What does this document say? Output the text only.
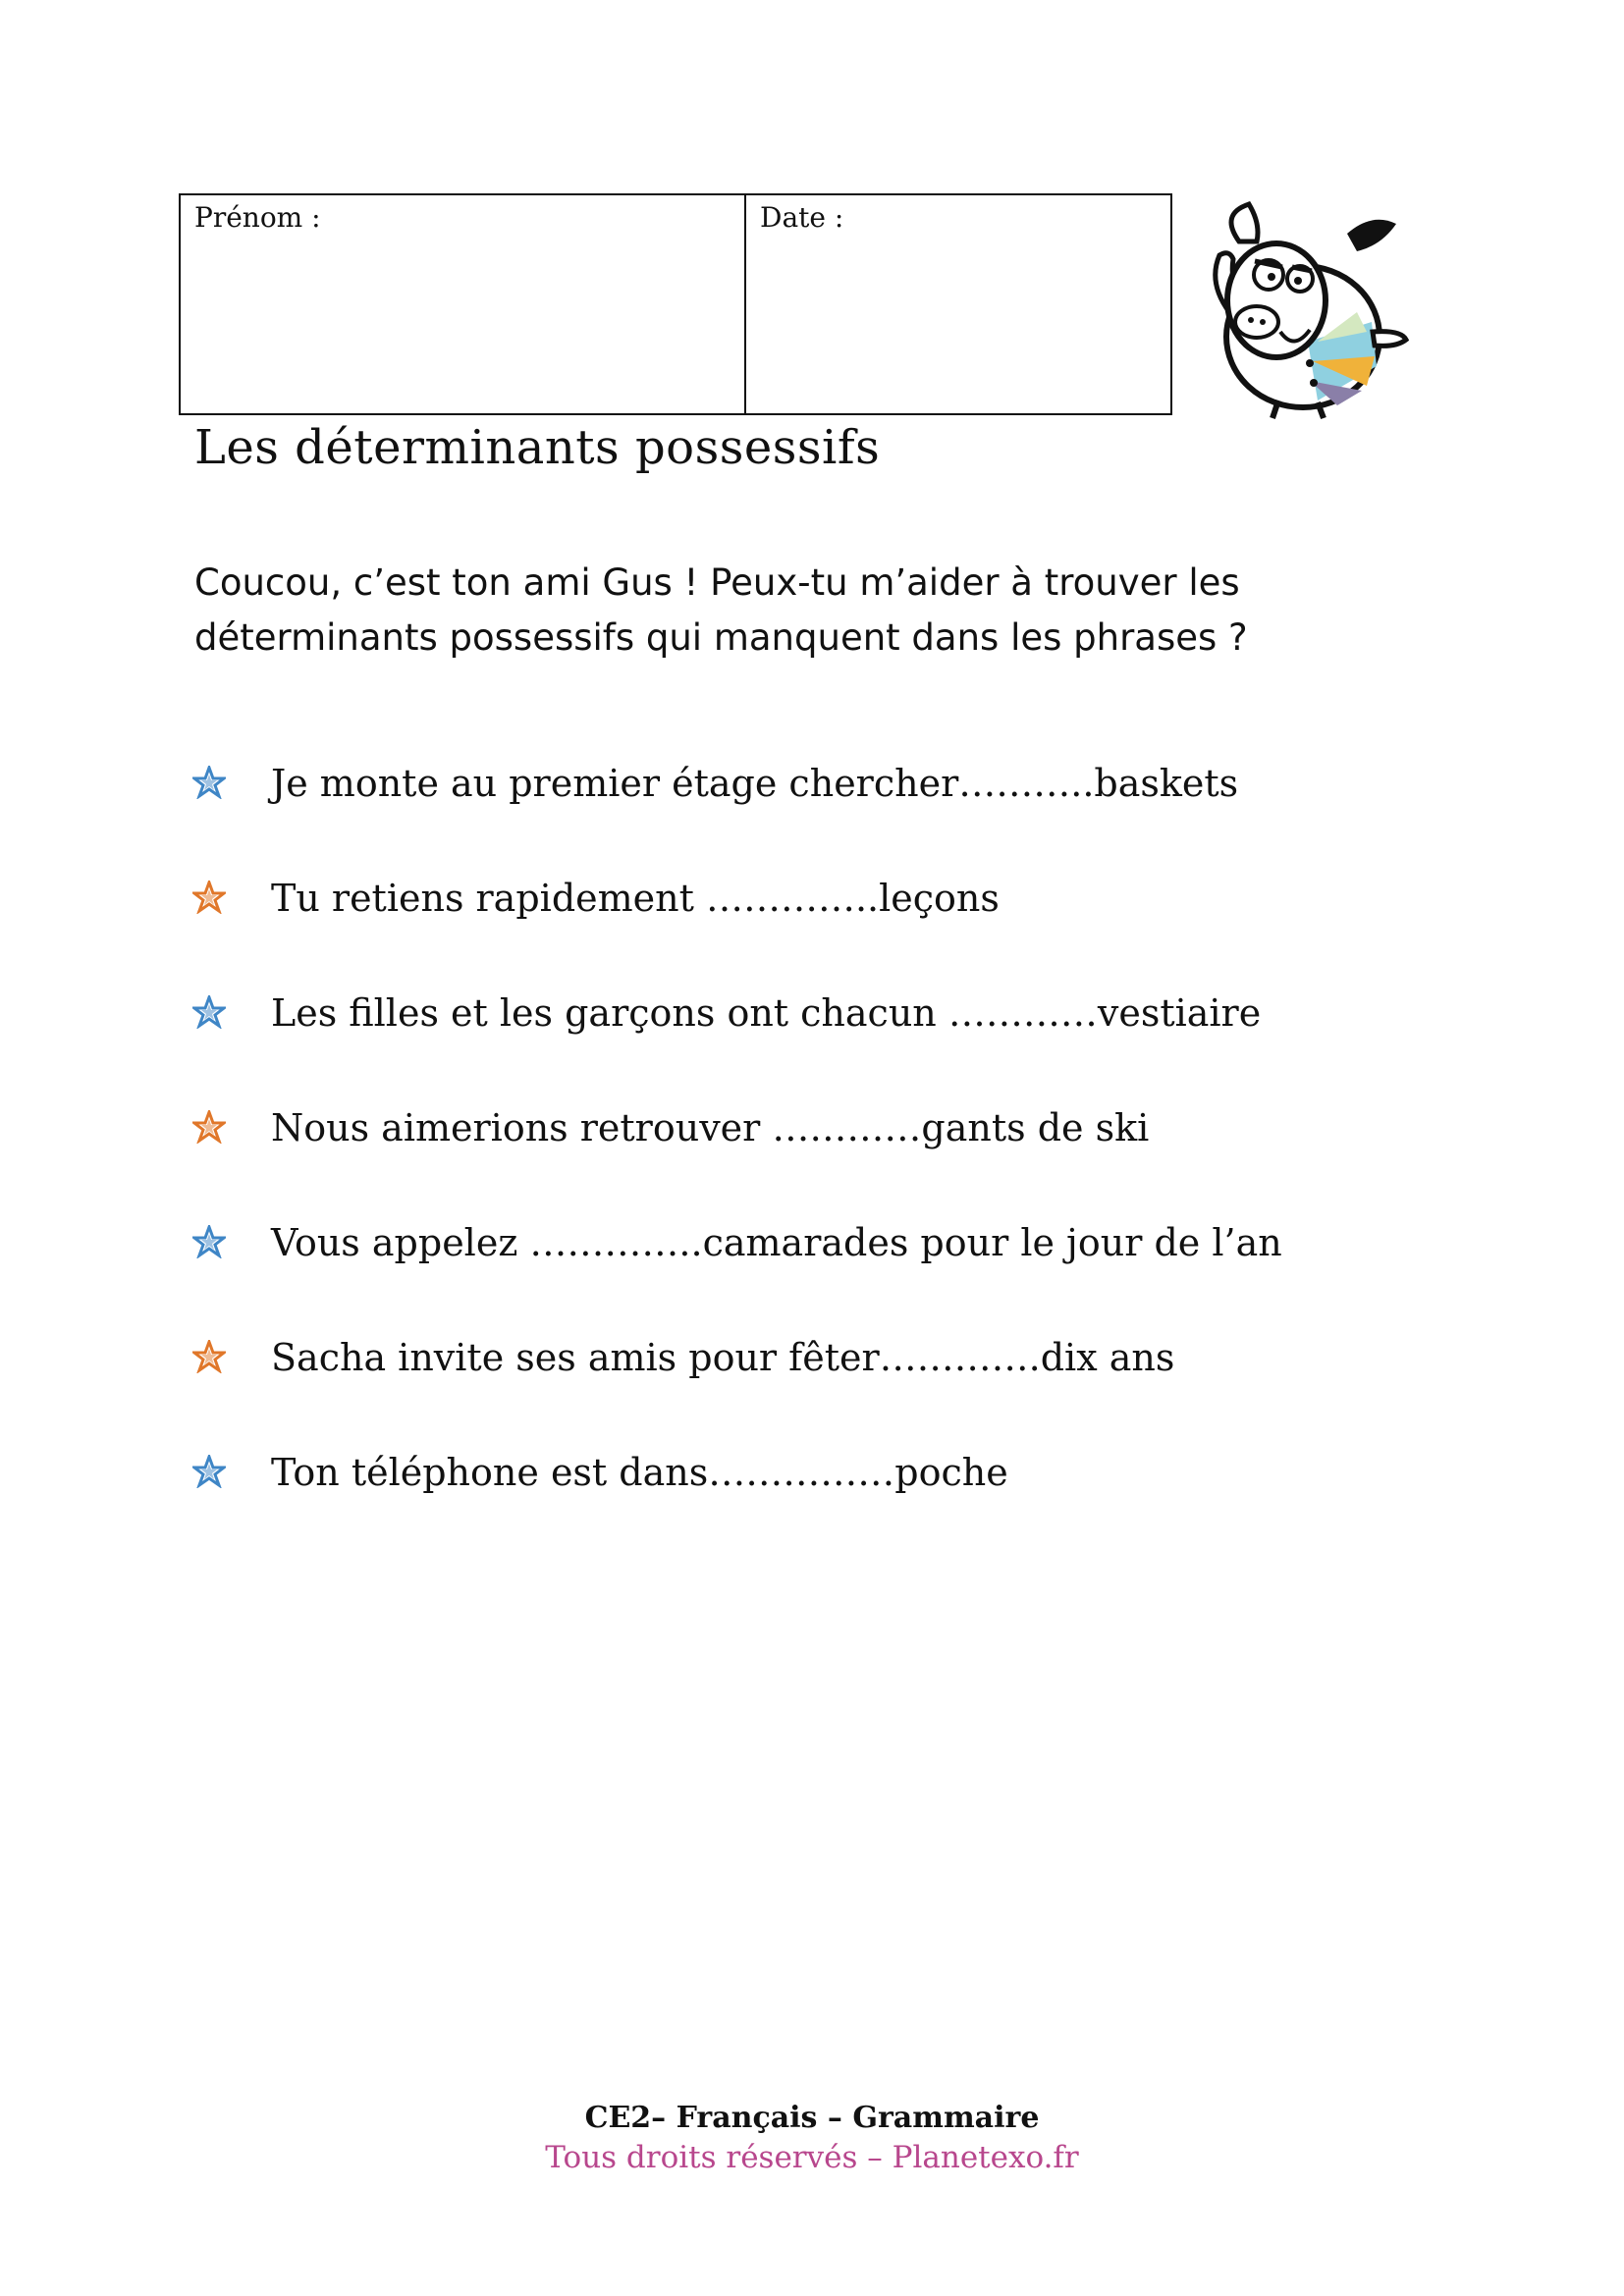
Prénom :	Date :
Les déterminants possessifs

Coucou, c’est ton ami Gus ! Peux-tu m’aider à trouver les déterminants possessifs qui manquent dans les phrases ?

Je monte au premier étage chercher………..baskets
Tu retiens rapidement …………..leçons
Les filles et les garçons ont chacun …………vestiaire
Nous aimerions retrouver …………gants de ski
Vous appelez …………..camarades pour le jour de l’an
Sacha invite ses amis pour fêter………….dix ans
Ton téléphone est dans……………poche
CE2– Français – Grammaire
Tous droits réservés – Planetexo.fr
